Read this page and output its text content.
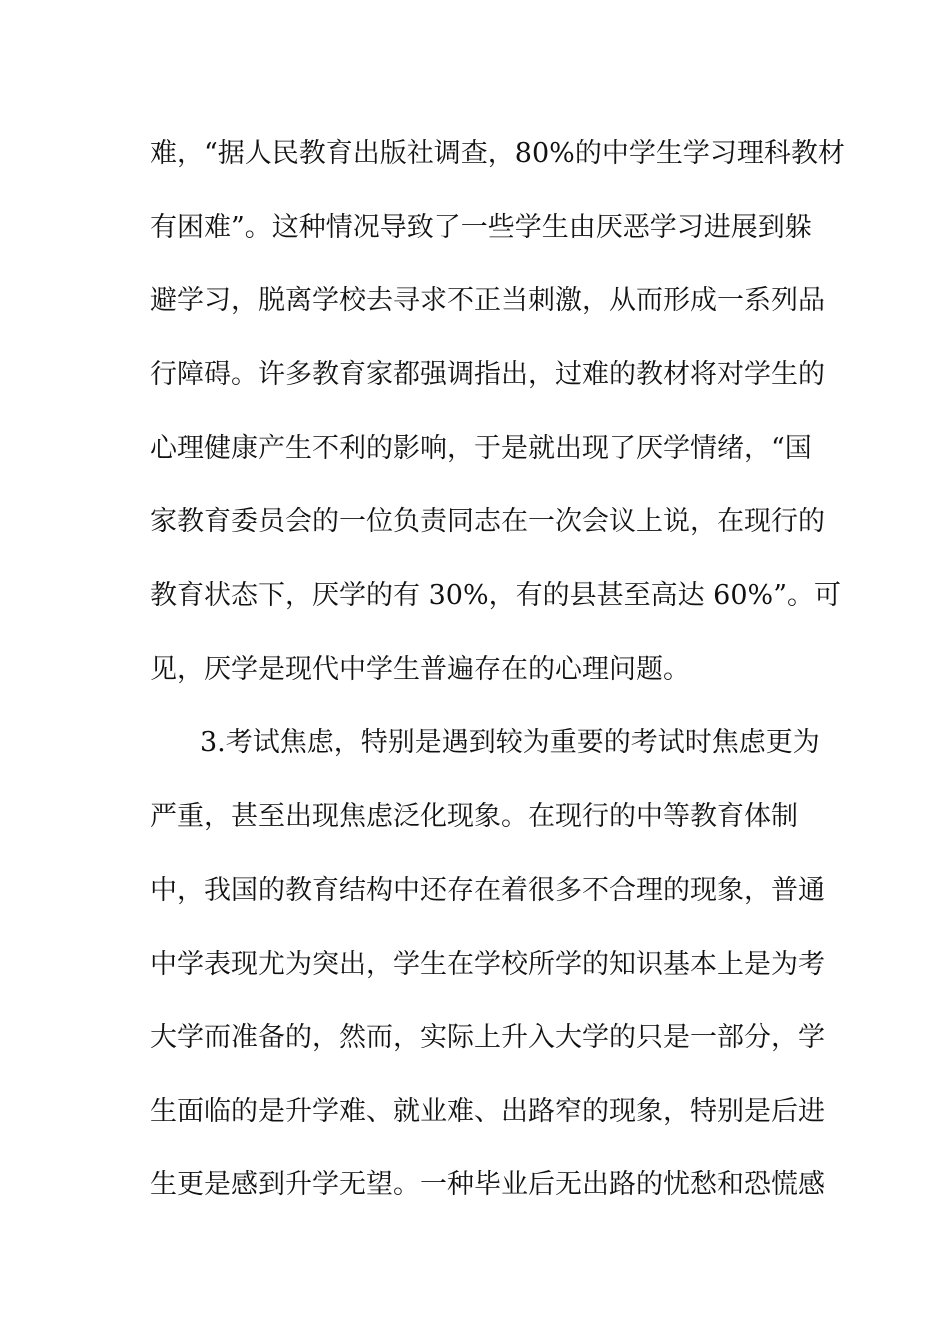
难，“据人民教育出版社调查，80%的中学生学习理科教材
有困难”。这种情况导致了一些学生由厌恶学习进展到躲
避学习，脱离学校去寻求不正当刺激，从而形成一系列品
行障碍。许多教育家都强调指出，过难的教材将对学生的
心理健康产生不利的影响，于是就出现了厌学情绪，“国
家教育委员会的一位负责同志在一次会议上说，在现行的
教育状态下，厌学的有 30%，有的县甚至高达 60%”。可
见，厌学是现代中学生普遍存在的心理问题。
3.考试焦虑，特别是遇到较为重要的考试时焦虑更为
严重，甚至出现焦虑泛化现象。在现行的中等教育体制
中，我国的教育结构中还存在着很多不合理的现象，普通
中学表现尤为突出，学生在学校所学的知识基本上是为考
大学而准备的，然而，实际上升入大学的只是一部分，学
生面临的是升学难、就业难、出路窄的现象，特别是后进
生更是感到升学无望。一种毕业后无出路的忧愁和恐慌感
